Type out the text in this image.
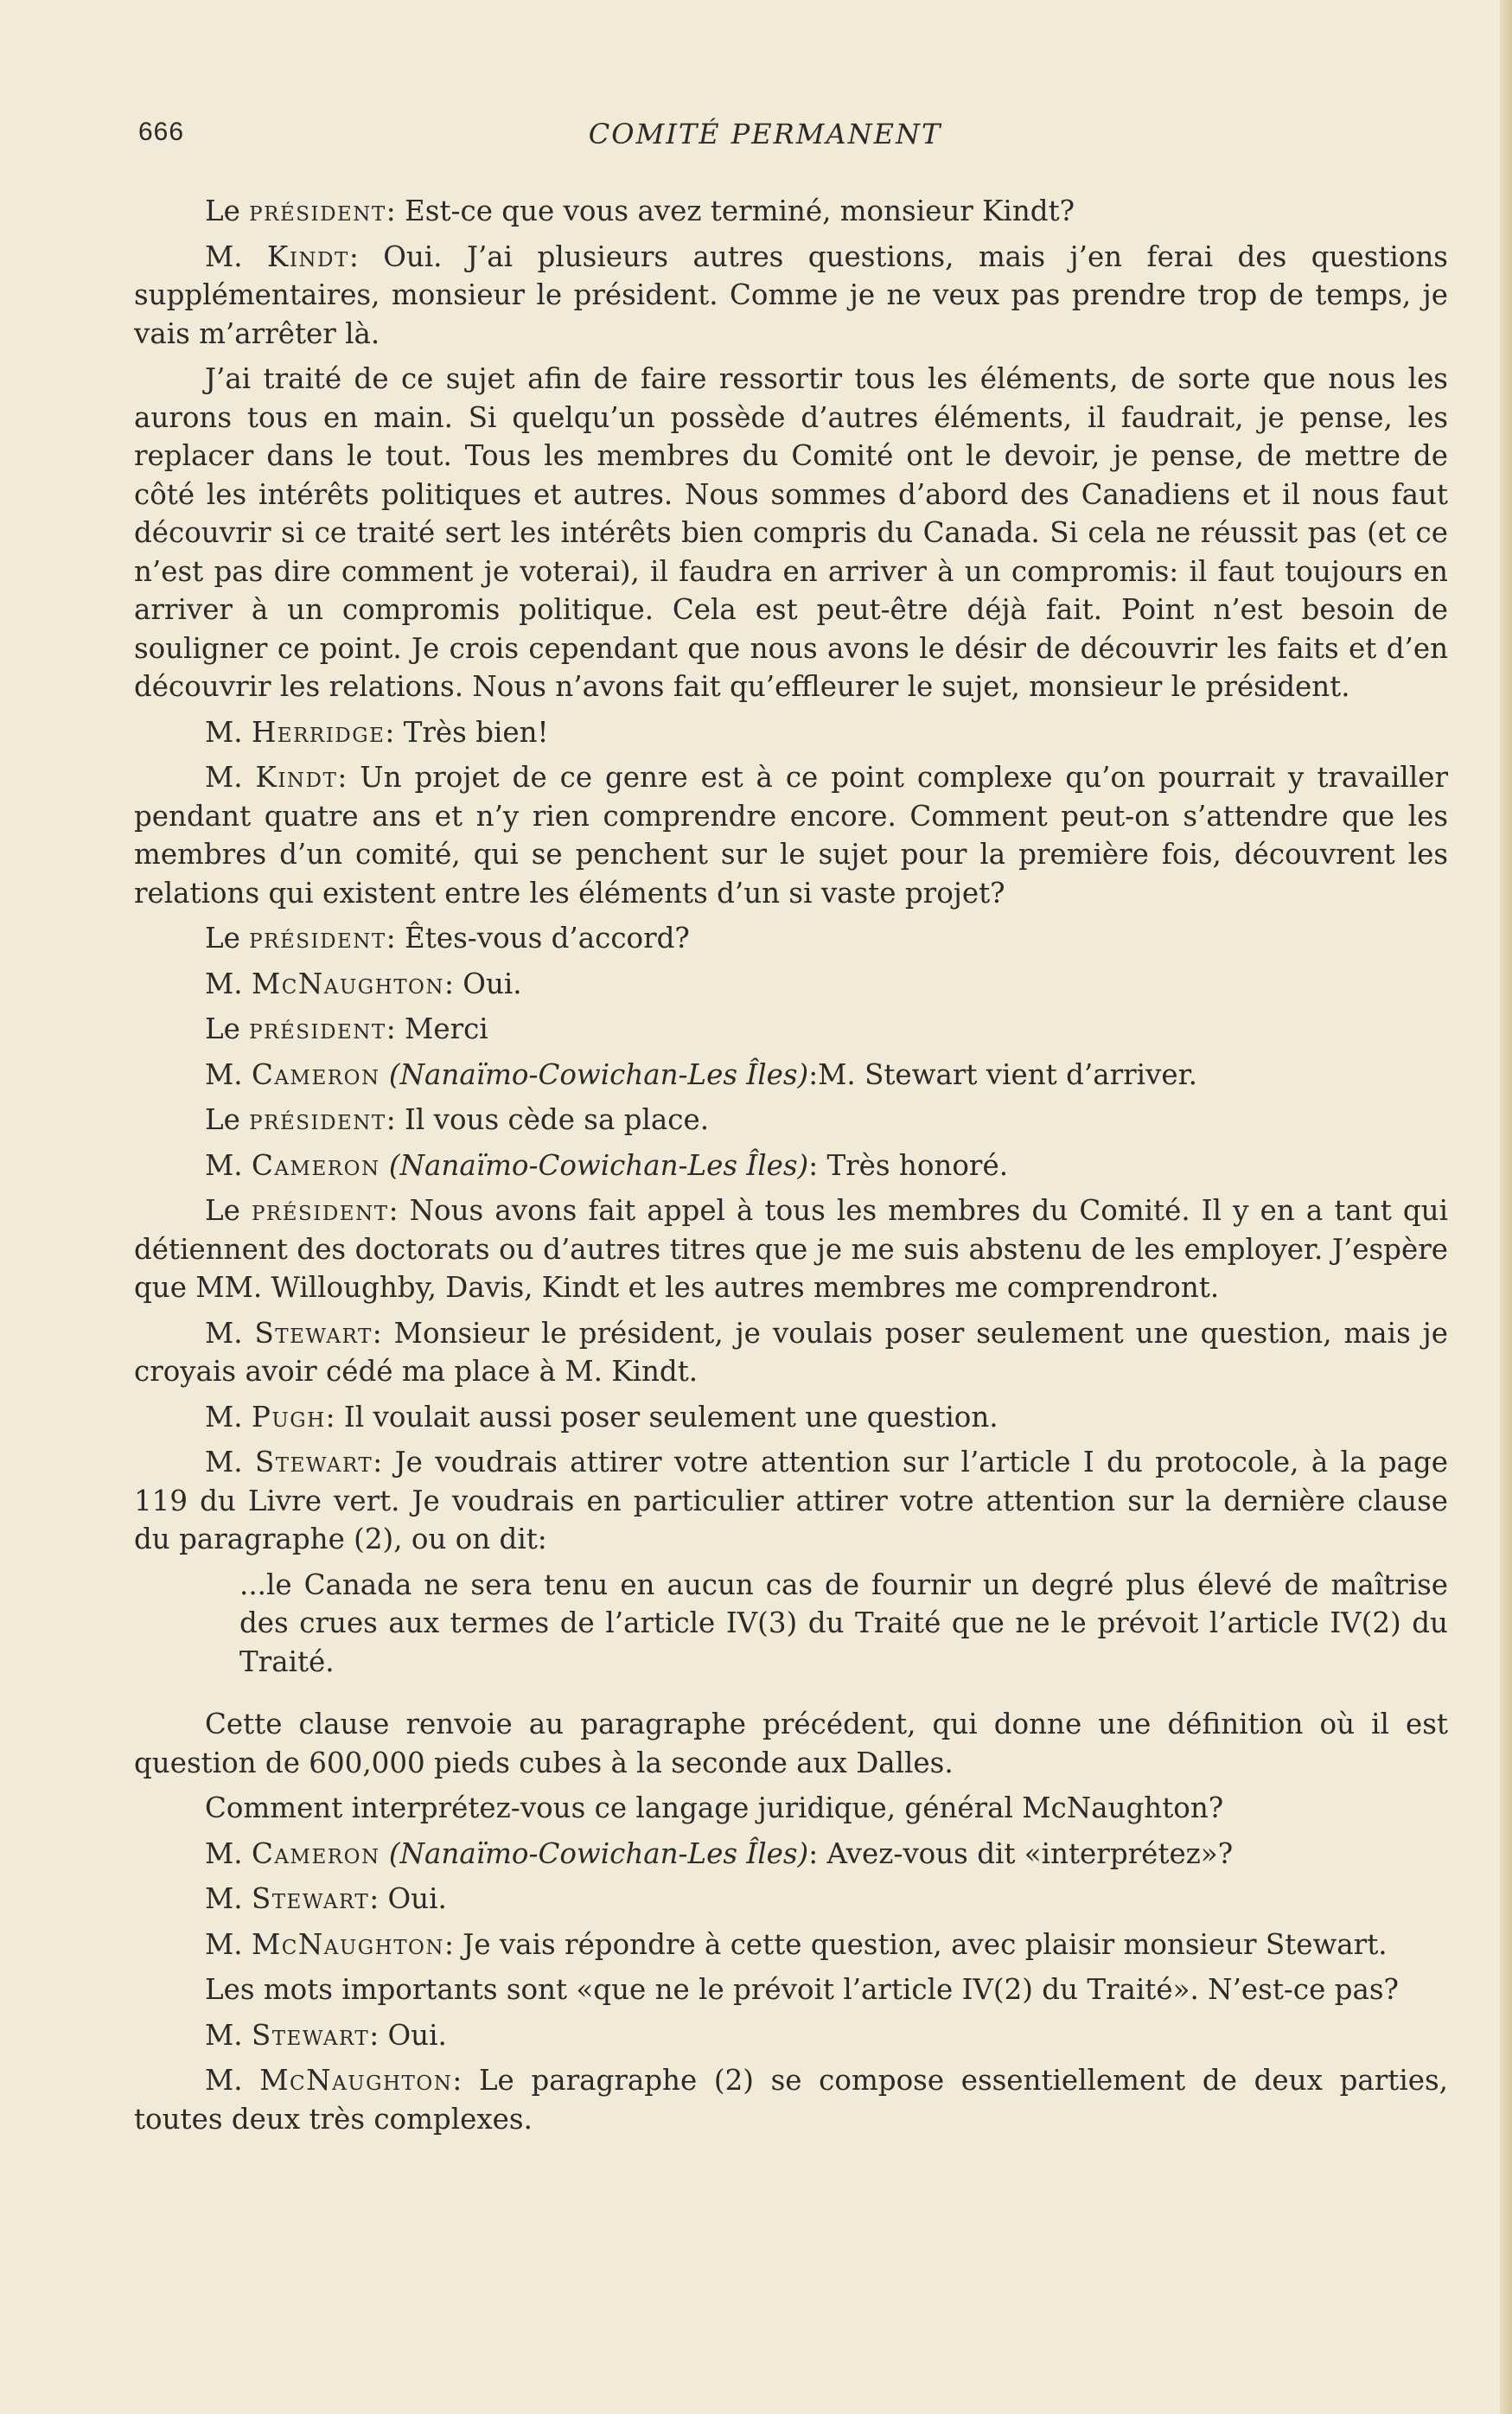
666	COMITÉ PERMANENT

Le président: Est-ce que vous avez terminé, monsieur Kindt?

M. Kindt: Oui. J’ai plusieurs autres questions, mais j’en ferai des questions supplémentaires, monsieur le président. Comme je ne veux pas prendre trop de temps, je vais m’arrêter là.

J’ai traité de ce sujet afin de faire ressortir tous les éléments, de sorte que nous les aurons tous en main. Si quelqu’un possède d’autres éléments, il faudrait, je pense, les replacer dans le tout. Tous les membres du Comité ont le devoir, je pense, de mettre de côté les intérêts politiques et autres. Nous sommes d’abord des Canadiens et il nous faut découvrir si ce traité sert les intérêts bien compris du Canada. Si cela ne réussit pas (et ce n’est pas dire comment je voterai), il faudra en arriver à un compromis: il faut toujours en arriver à un compromis politique. Cela est peut-être déjà fait. Point n’est besoin de souligner ce point. Je crois cependant que nous avons le désir de découvrir les faits et d’en découvrir les relations. Nous n’avons fait qu’effleurer le sujet, monsieur le président.

M. Herridge: Très bien!

M. Kindt: Un projet de ce genre est à ce point complexe qu’on pourrait y travailler pendant quatre ans et n’y rien comprendre encore. Comment peut-on s’attendre que les membres d’un comité, qui se penchent sur le sujet pour la première fois, découvrent les relations qui existent entre les éléments d’un si vaste projet?

Le président: Êtes-vous d’accord?

M. McNaughton: Oui.

Le président: Merci

M. Cameron (Nanaïmo-Cowichan-Les Îles):M. Stewart vient d’arriver.

Le président: Il vous cède sa place.

M. Cameron (Nanaïmo-Cowichan-Les Îles): Très honoré.

Le président: Nous avons fait appel à tous les membres du Comité. Il y en a tant qui détiennent des doctorats ou d’autres titres que je me suis abstenu de les employer. J’espère que MM. Willoughby, Davis, Kindt et les autres membres me comprendront.

M. Stewart: Monsieur le président, je voulais poser seulement une question, mais je croyais avoir cédé ma place à M. Kindt.

M. Pugh: Il voulait aussi poser seulement une question.

M. Stewart: Je voudrais attirer votre attention sur l’article I du protocole, à la page 119 du Livre vert. Je voudrais en particulier attirer votre attention sur la dernière clause du paragraphe (2), ou on dit:

...le Canada ne sera tenu en aucun cas de fournir un degré plus élevé de maîtrise des crues aux termes de l’article IV(3) du Traité que ne le prévoit l’article IV(2) du Traité.

Cette clause renvoie au paragraphe précédent, qui donne une définition où il est question de 600,000 pieds cubes à la seconde aux Dalles.

Comment interprétez-vous ce langage juridique, général McNaughton?

M. Cameron (Nanaïmo-Cowichan-Les Îles): Avez-vous dit «interprétez»?

M. Stewart: Oui.

M. McNaughton: Je vais répondre à cette question, avec plaisir monsieur Stewart.

Les mots importants sont «que ne le prévoit l’article IV(2) du Traité». N’est-ce pas?

M. Stewart: Oui.

M. McNaughton: Le paragraphe (2) se compose essentiellement de deux parties, toutes deux très complexes.
